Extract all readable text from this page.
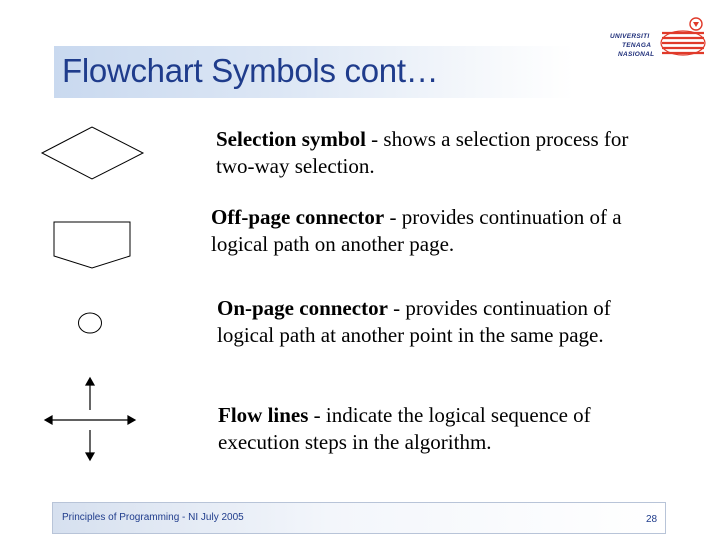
Flowchart Symbols cont…
UNIVERSITI
TENAGA
NASIONAL
Selection symbol - shows a selection process for two-way selection.
Off-page connector - provides continuation of a logical path on another page.
On-page connector - provides continuation of logical path at another point in the same page.
Flow lines - indicate the logical sequence of execution steps in the algorithm.
Principles of Programming - NI July 2005	28
